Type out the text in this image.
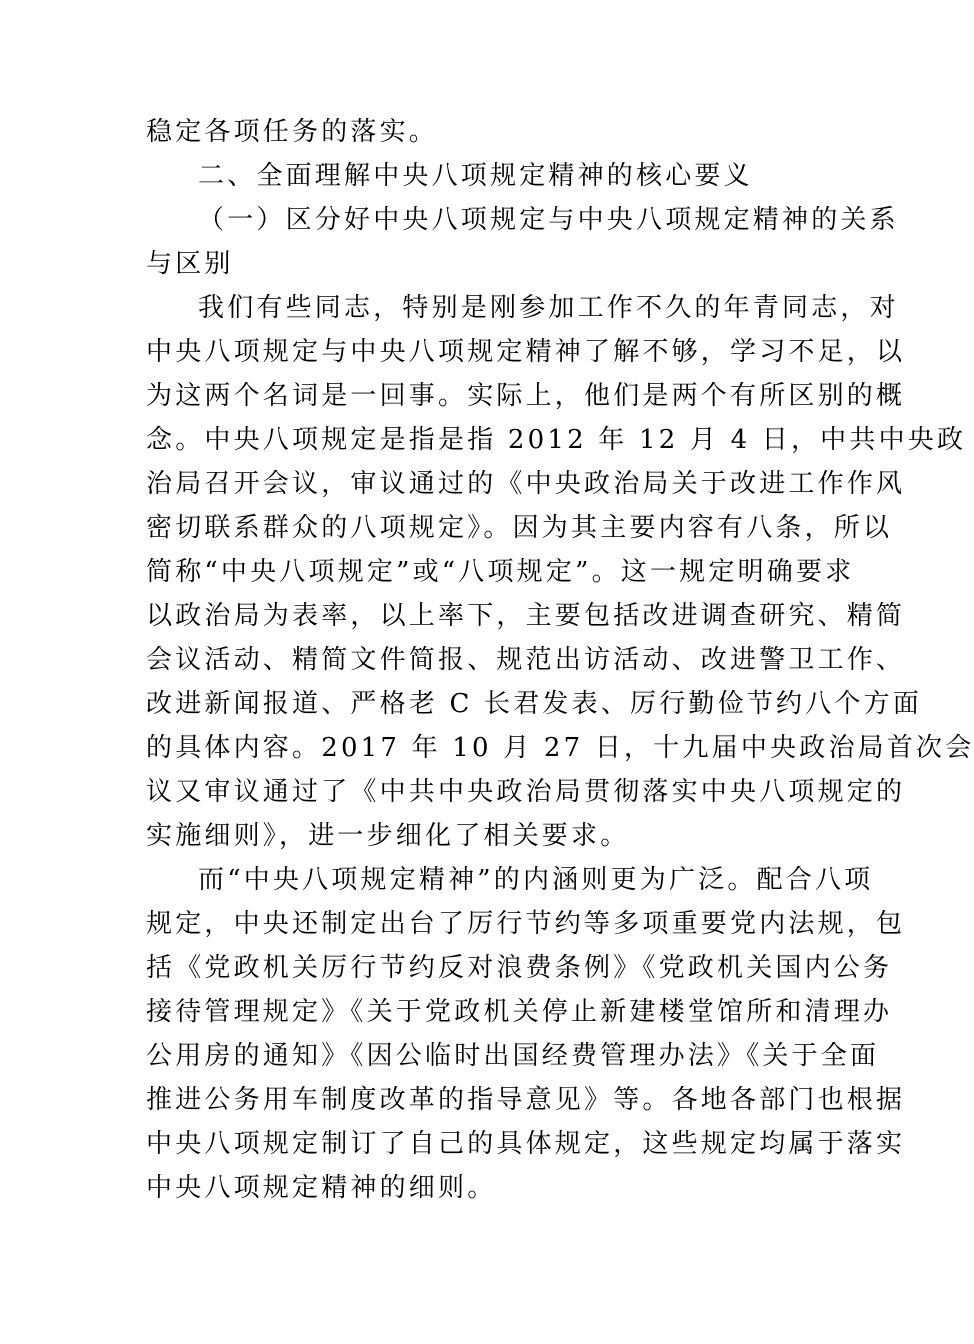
稳定各项任务的落实。
二、全面理解中央八项规定精神的核心要义
（一）区分好中央八项规定与中央八项规定精神的关系
与区别
我们有些同志，特别是刚参加工作不久的年青同志，对
中央八项规定与中央八项规定精神了解不够，学习不足，以
为这两个名词是一回事。实际上，他们是两个有所区别的概
念。中央八项规定是指是指 2012 年 12 月 4 日，中共中央政
治局召开会议，审议通过的《中央政治局关于改进工作作风
密切联系群众的八项规定》。因为其主要内容有八条，所以
简称“中央八项规定”或“八项规定”。这一规定明确要求
以政治局为表率，以上率下，主要包括改进调查研究、精简
会议活动、精简文件简报、规范出访活动、改进警卫工作、
改进新闻报道、严格老 C 长君发表、厉行勤俭节约八个方面
的具体内容。2017 年 10 月 27 日，十九届中央政治局首次会
议又审议通过了《中共中央政治局贯彻落实中央八项规定的
实施细则》，进一步细化了相关要求。
而“中央八项规定精神”的内涵则更为广泛。配合八项
规定，中央还制定出台了厉行节约等多项重要党内法规，包
括《党政机关厉行节约反对浪费条例》《党政机关国内公务
接待管理规定》《关于党政机关停止新建楼堂馆所和清理办
公用房的通知》《因公临时出国经费管理办法》《关于全面
推进公务用车制度改革的指导意见》等。各地各部门也根据
中央八项规定制订了自己的具体规定，这些规定均属于落实
中央八项规定精神的细则。
